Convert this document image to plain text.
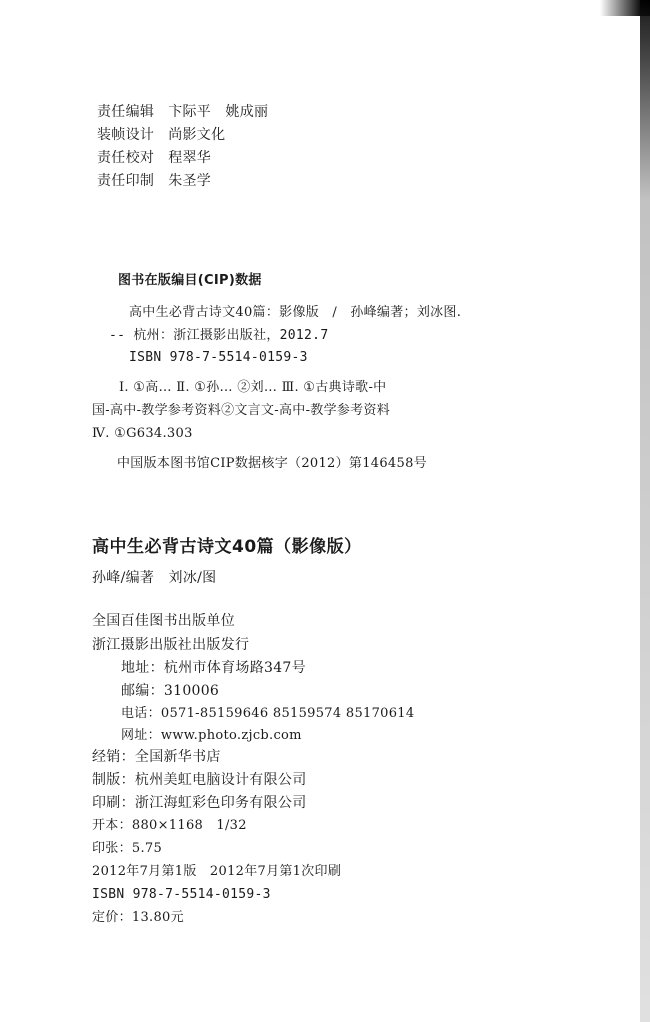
责任编辑 卞际平　姚成丽
装帧设计 尚影文化
责任校对 程翠华
责任印制 朱圣学
图书在版编目(CIP)数据
高中生必背古诗文40篇：影像版　/　孙峰编著；刘冰图.
-- 杭州：浙江摄影出版社，2012.7
ISBN 978-7-5514-0159-3
Ⅰ. ①高… Ⅱ. ①孙… ②刘… Ⅲ. ①古典诗歌-中
国-高中-教学参考资料②文言文-高中-教学参考资料
Ⅳ. ①G634.303
中国版本图书馆CIP数据核字（2012）第146458号
高中生必背古诗文40篇（影像版）
孙峰/编著　刘冰/图
全国百佳图书出版单位
浙江摄影出版社出版发行
地址：杭州市体育场路347号
邮编：310006
电话：0571-85159646 85159574 85170614
网址：www.photo.zjcb.com
经销：全国新华书店
制版：杭州美虹电脑设计有限公司
印刷：浙江海虹彩色印务有限公司
开本：880×1168　1/32
印张：5.75
2012年7月第1版　2012年7月第1次印刷
ISBN 978-7-5514-0159-3
定价：13.80元
